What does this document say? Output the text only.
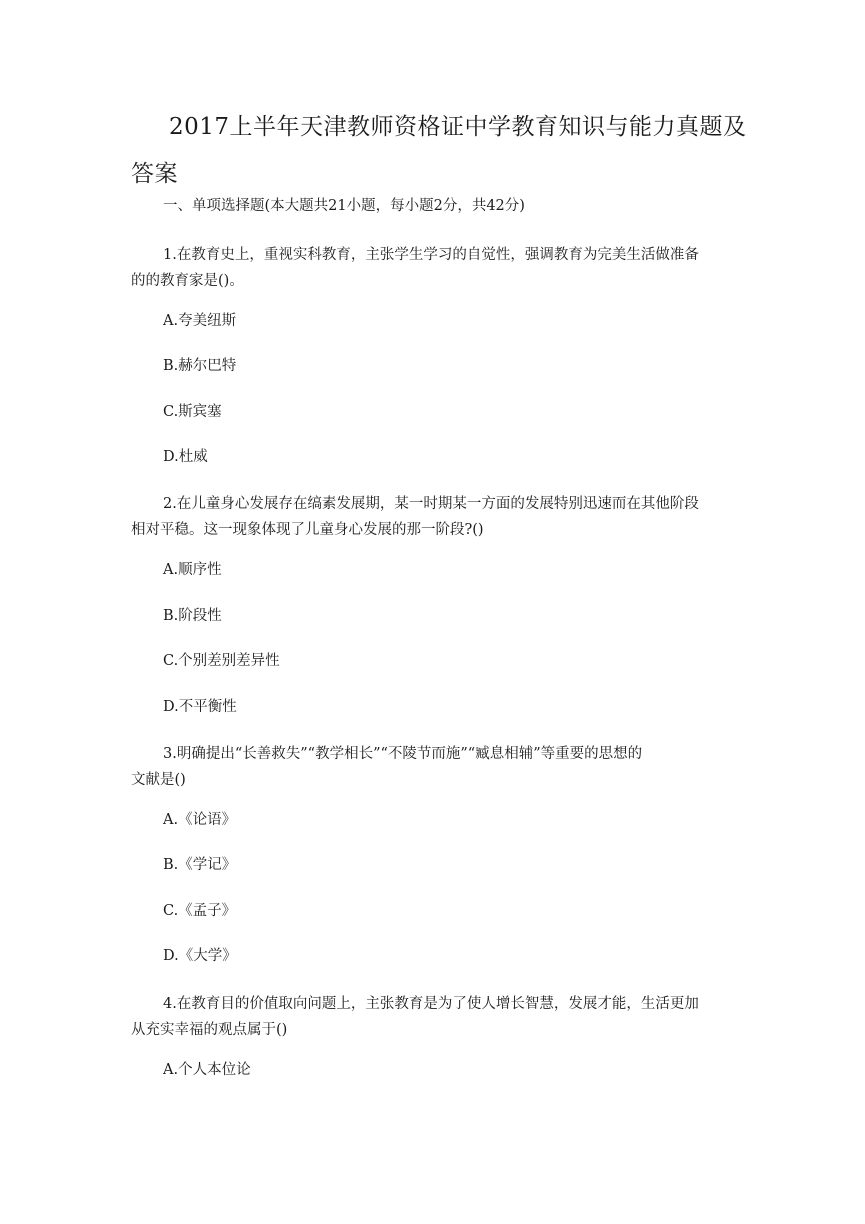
2017上半年天津教师资格证中学教育知识与能力真题及
答案
一、单项选择题(本大题共21小题，每小题2分，共42分)
1.在教育史上，重视实科教育，主张学生学习的自觉性，强调教育为完美生活做准备
的的教育家是()。
A.夸美纽斯
B.赫尔巴特
C.斯宾塞
D.杜威
2.在儿童身心发展存在缟素发展期，某一时期某一方面的发展特别迅速而在其他阶段
相对平稳。这一现象体现了儿童身心发展的那一阶段?()
A.顺序性
B.阶段性
C.个别差别差异性
D.不平衡性
3.明确提出“长善救失”“教学相长”“不陵节而施”“臧息相辅”等重要的思想的
文献是()
A.《论语》
B.《学记》
C.《孟子》
D.《大学》
4.在教育目的价值取向问题上，主张教育是为了使人增长智慧，发展才能，生活更加
从充实幸福的观点属于()
A.个人本位论
